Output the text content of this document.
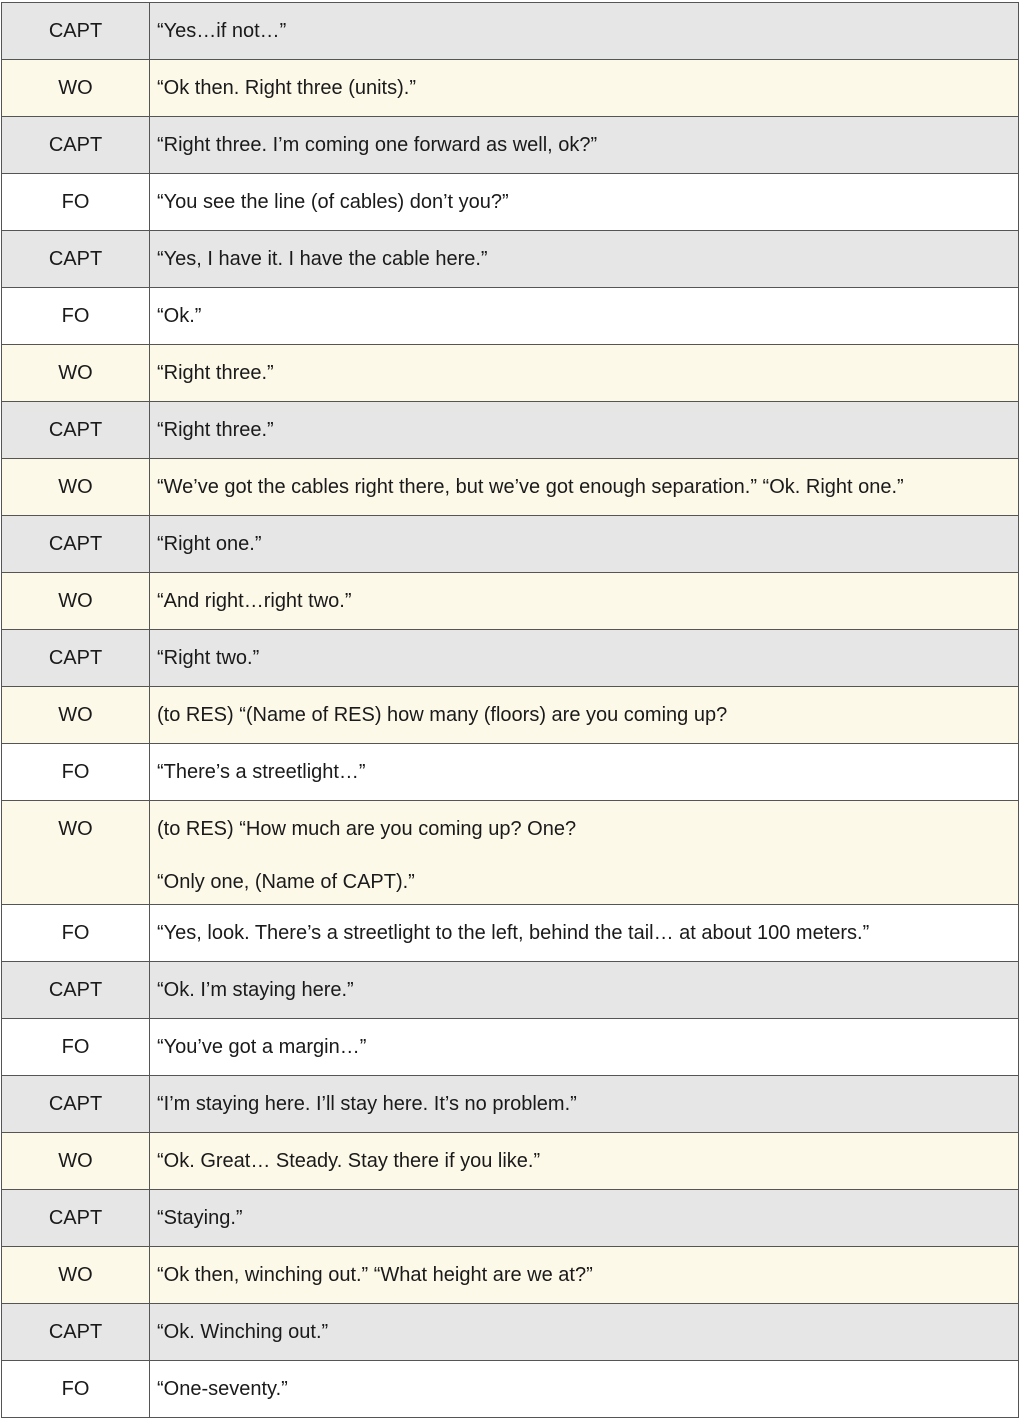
CAPT	“Yes…if not…”

WO	“Ok then. Right three (units).”

CAPT	“Right three. I’m coming one forward as well, ok?”

FO	“You see the line (of cables) don’t you?”

CAPT	“Yes, I have it. I have the cable here.”

FO	“Ok.”

WO	“Right three.”

CAPT	“Right three.”

WO	“We’ve got the cables right there, but we’ve got enough separation.” “Ok. Right one.”

CAPT	“Right one.”

WO	“And right…right two.”

CAPT	“Right two.”

WO	(to RES) “(Name of RES) how many (floors) are you coming up?

FO	“There’s a streetlight…”

WO	(to RES) “How much are you coming up? One?
“Only one, (Name of CAPT).”

FO	“Yes, look. There’s a streetlight to the left, behind the tail… at about 100 meters.”

CAPT	“Ok. I’m staying here.”

FO	“You’ve got a margin…”

CAPT	“I’m staying here. I’ll stay here. It’s no problem.”

WO	“Ok. Great… Steady. Stay there if you like.”

CAPT	“Staying.”

WO	“Ok then, winching out.” “What height are we at?”

CAPT	“Ok. Winching out.”

FO	“One-seventy.”
